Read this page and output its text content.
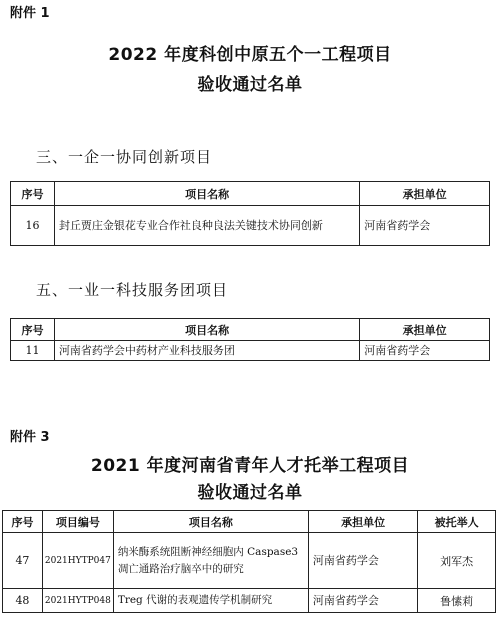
附件 1
2022 年度科创中原五个一工程项目
验收通过名单
三、一企一协同创新项目
序号	项目名称	承担单位
16	封丘贾庄金银花专业合作社良种良法关键技术协同创新	河南省药学会
五、一业一科技服务团项目
序号	项目名称	承担单位
11	河南省药学会中药材产业科技服务团	河南省药学会
附件 3
2021 年度河南省青年人才托举工程项目
验收通过名单
序号	项目编号	项目名称	承担单位	被托举人
47	2021HYTP047	纳米酶系统阻断神经细胞内 Caspase3 凋亡通路治疗脑卒中的研究	河南省药学会	刘军杰
48	2021HYTP048	Treg 代谢的表观遗传学机制研究	河南省药学会	鲁愫莉
